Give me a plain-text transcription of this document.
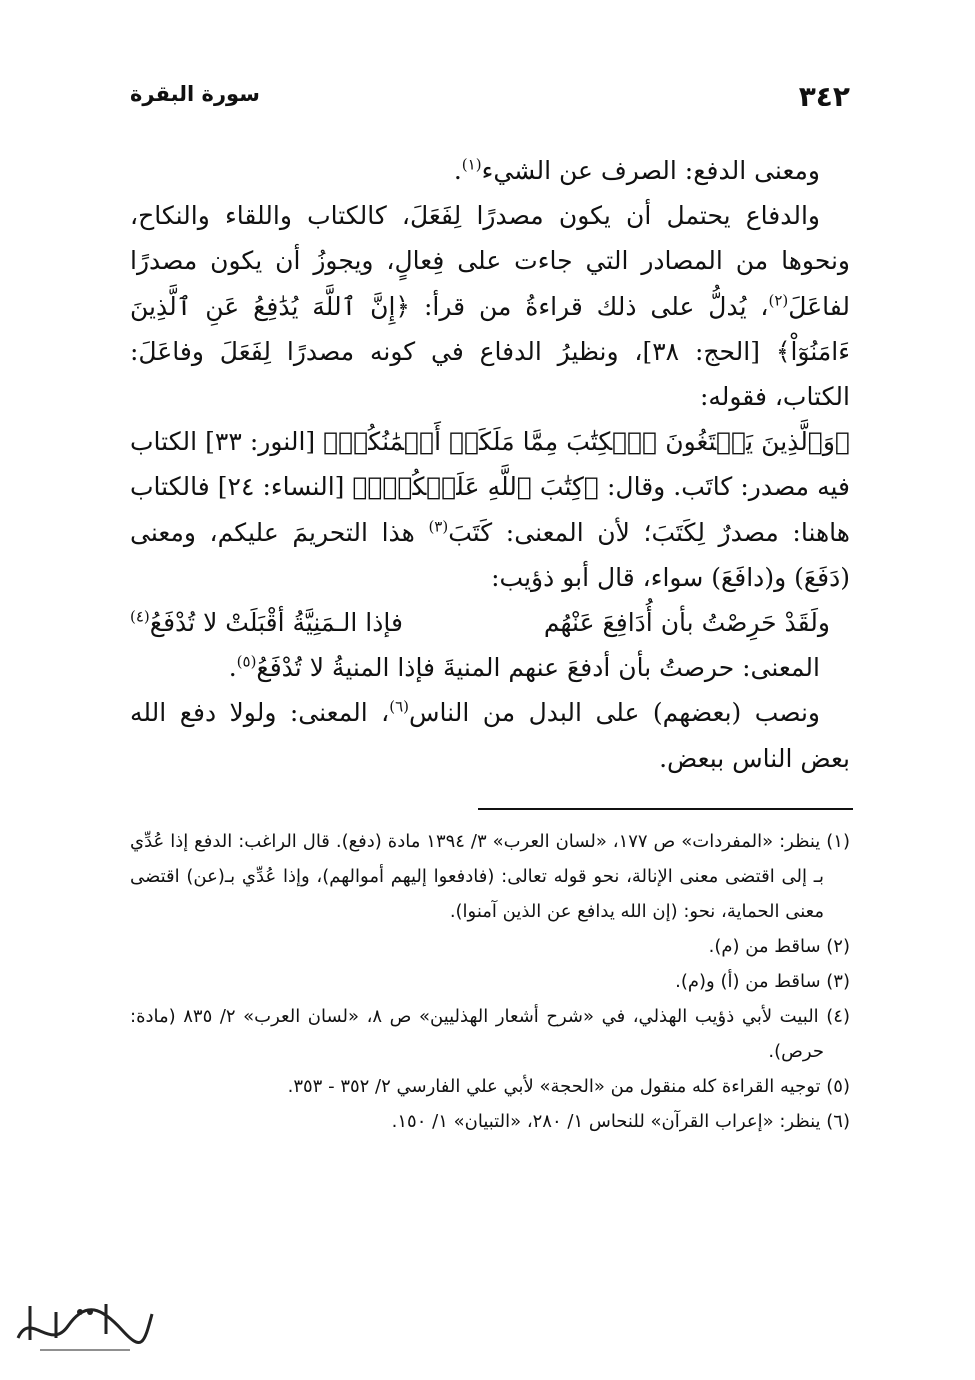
٣٤٢
سورة البقرة

ومعنى الدفع: الصرف عن الشيء$^{(١)}$.

والدفاع يحتمل أن يكون مصدرًا لِفَعَلَ، كالكتاب واللقاء والنكاح، ونحوها من المصادر التي جاءت على فِعالٍ، ويجوزُ أن يكون مصدرًا لفاعَلَ$^{(٢)}$، يُدلُّ على ذلك قراءةُ من قرأ: ﴿إِنَّ ٱللَّهَ يُدَٰفِعُ عَنِ ٱلَّذِينَ ءَامَنُوٓاْ﴾ [الحج: ٣٨]، ونظيرُ الدفاع في كونه مصدرًا لِفَعَلَ وفاعَلَ: الكتاب، فقوله:

﴿وَٱلَّذِينَ يَبۡتَغُونَ ٱلۡكِتَٰبَ مِمَّا مَلَكَتۡ أَيۡمَٰنُكُمۡ﴾ [النور: ٣٣] الكتاب فيه مصدر: كاتَب. وقال: ﴿كِتَٰبَ ٱللَّهِ عَلَيۡكُمۡۚ﴾ [النساء: ٢٤] فالكتاب هاهنا: مصدرٌ لِكَتَبَ؛ لأن المعنى: كَتَبَ$^{(٣)}$ هذا التحريمَ عليكم، ومعنى (دَفَعَ) و(دافَعَ) سواء، قال أبو ذؤيب:

ولَقَدْ حَرِصْتُ بأن أُدَافِعَ عَنْهُم
فإذا الـمَنِيَّةُ أقْبَلَتْ لا تُدْفَعُ$^{(٤)}$

المعنى: حرصتُ بأن أدفعَ عنهم المنيةَ فإذا المنيةُ لا تُدْفَعُ$^{(٥)}$.

ونصب (بعضهم) على البدل من الناس$^{(٦)}$، المعنى: ولولا دفع الله بعض الناس ببعض.

(١) ينظر: «المفردات» ص ١٧٧، «لسان العرب» ٣/ ١٣٩٤ مادة (دفع). قال الراغب: الدفع إذا عُدِّي بـ إلى اقتضى معنى الإنالة، نحو قوله تعالى: (فادفعوا إليهم أموالهم)، وإذا عُدِّي بـ(عن) اقتضى معنى الحماية، نحو: (إن الله يدافع عن الذين آمنوا).

(٢) ساقط من (م).

(٣) ساقط من (أ) و(م).

(٤) البيت لأبي ذؤيب الهذلي، في «شرح أشعار الهذليين» ص ٨، «لسان العرب» ٢/ ٨٣٥ (مادة: حرص).

(٥) توجيه القراءة كله منقول من «الحجة» لأبي علي الفارسي ٢/ ٣٥٢ - ٣٥٣.

(٦) ينظر: «إعراب القرآن» للنحاس ١/ ٢٨٠، «التبيان» ١/ ١٥٠.
